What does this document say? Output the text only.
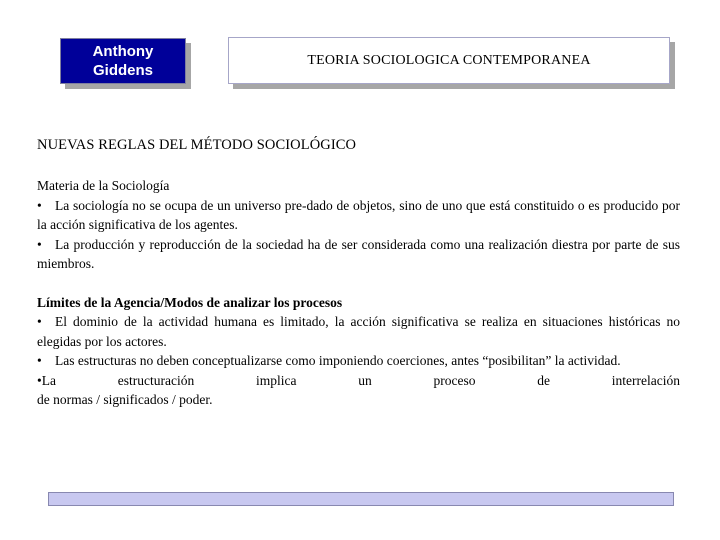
Anthony
Giddens
TEORIA SOCIOLOGICA CONTEMPORANEA
NUEVAS REGLAS DEL MÉTODO SOCIOLÓGICO

Materia de la Sociología

• La sociología no se ocupa de un universo pre-dado de objetos, sino de uno que está constituido o es producido por la acción significativa de los agentes.

• La producción y reproducción de la sociedad ha de ser considerada como una realización diestra por parte de sus miembros.

Límites de la Agencia/Modos de analizar los procesos

• El dominio de la actividad humana es limitado, la acción significativa se realiza en situaciones históricas no elegidas por los actores.

• Las estructuras no deben conceptualizarse como imponiendo coerciones, antes “posibilitan” la actividad.

•La estructuración implica un proceso de interrelación

de normas / significados / poder.
